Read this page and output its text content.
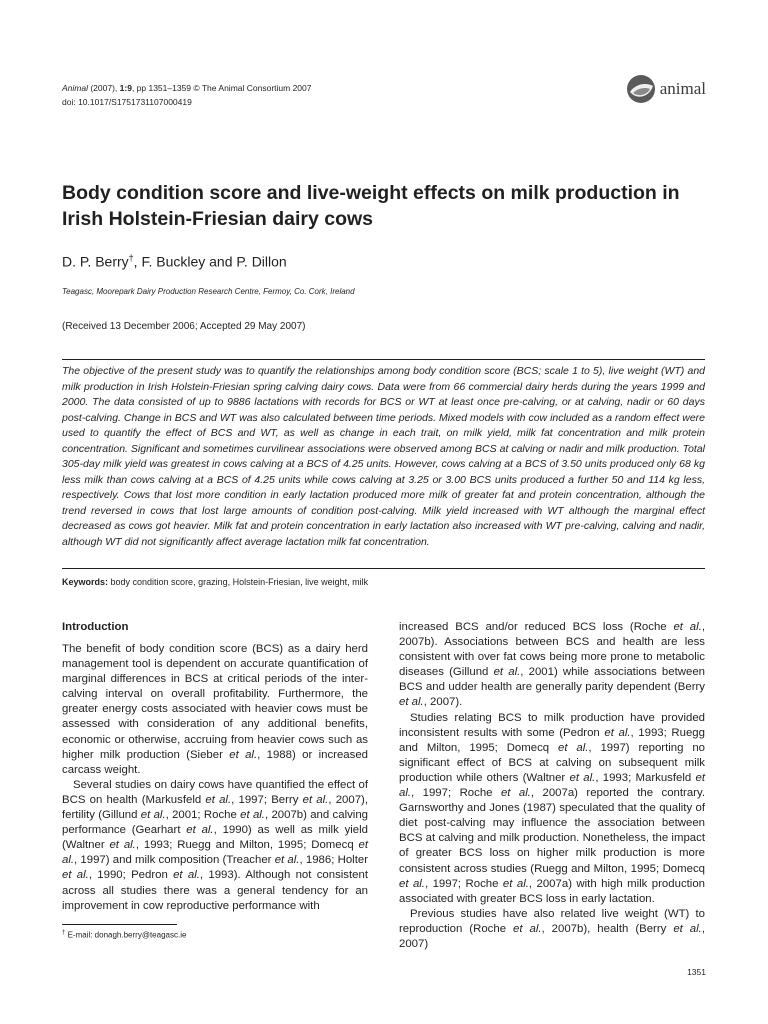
Animal (2007), 1:9, pp 1351–1359 © The Animal Consortium 2007
doi: 10.1017/S1751731107000419
animal
Body condition score and live-weight effects on milk production in Irish Holstein-Friesian dairy cows
D. P. Berry†, F. Buckley and P. Dillon
Teagasc, Moorepark Dairy Production Research Centre, Fermoy, Co. Cork, Ireland
(Received 13 December 2006; Accepted 29 May 2007)
The objective of the present study was to quantify the relationships among body condition score (BCS; scale 1 to 5), live weight (WT) and milk production in Irish Holstein-Friesian spring calving dairy cows. Data were from 66 commercial dairy herds during the years 1999 and 2000. The data consisted of up to 9886 lactations with records for BCS or WT at least once pre-calving, or at calving, nadir or 60 days post-calving. Change in BCS and WT was also calculated between time periods. Mixed models with cow included as a random effect were used to quantify the effect of BCS and WT, as well as change in each trait, on milk yield, milk fat concentration and milk protein concentration. Significant and sometimes curvilinear associations were observed among BCS at calving or nadir and milk production. Total 305-day milk yield was greatest in cows calving at a BCS of 4.25 units. However, cows calving at a BCS of 3.50 units produced only 68 kg less milk than cows calving at a BCS of 4.25 units while cows calving at 3.25 or 3.00 BCS units produced a further 50 and 114 kg less, respectively. Cows that lost more condition in early lactation produced more milk of greater fat and protein concentration, although the trend reversed in cows that lost large amounts of condition post-calving. Milk yield increased with WT although the marginal effect decreased as cows got heavier. Milk fat and protein concentration in early lactation also increased with WT pre-calving, calving and nadir, although WT did not significantly affect average lactation milk fat concentration.
Keywords: body condition score, grazing, Holstein-Friesian, live weight, milk
Introduction

The benefit of body condition score (BCS) as a dairy herd management tool is dependent on accurate quantification of marginal differences in BCS at critical periods of the inter-calving interval on overall profitability. Furthermore, the greater energy costs associated with heavier cows must be assessed with consideration of any additional benefits, economic or otherwise, accruing from heavier cows such as higher milk production (Sieber et al., 1988) or increased carcass weight.

Several studies on dairy cows have quantified the effect of BCS on health (Markusfeld et al., 1997; Berry et al., 2007), fertility (Gillund et al., 2001; Roche et al., 2007b) and calving performance (Gearhart et al., 1990) as well as milk yield (Waltner et al., 1993; Ruegg and Milton, 1995; Domecq et al., 1997) and milk composition (Treacher et al., 1986; Holter et al., 1990; Pedron et al., 1993). Although not consistent across all studies there was a general tendency for an improvement in cow reproductive performance with

increased BCS and/or reduced BCS loss (Roche et al., 2007b). Associations between BCS and health are less consistent with over fat cows being more prone to metabolic diseases (Gillund et al., 2001) while associations between BCS and udder health are generally parity dependent (Berry et al., 2007).

Studies relating BCS to milk production have provided inconsistent results with some (Pedron et al., 1993; Ruegg and Milton, 1995; Domecq et al., 1997) reporting no significant effect of BCS at calving on subsequent milk production while others (Waltner et al., 1993; Markusfeld et al., 1997; Roche et al., 2007a) reported the contrary. Garnsworthy and Jones (1987) speculated that the quality of diet post-calving may influence the association between BCS at calving and milk production. Nonetheless, the impact of greater BCS loss on higher milk production is more consistent across studies (Ruegg and Milton, 1995; Domecq et al., 1997; Roche et al., 2007a) with high milk production associated with greater BCS loss in early lactation.

Previous studies have also related live weight (WT) to reproduction (Roche et al., 2007b), health (Berry et al., 2007)

† E-mail: donagh.berry@teagasc.ie
1351
